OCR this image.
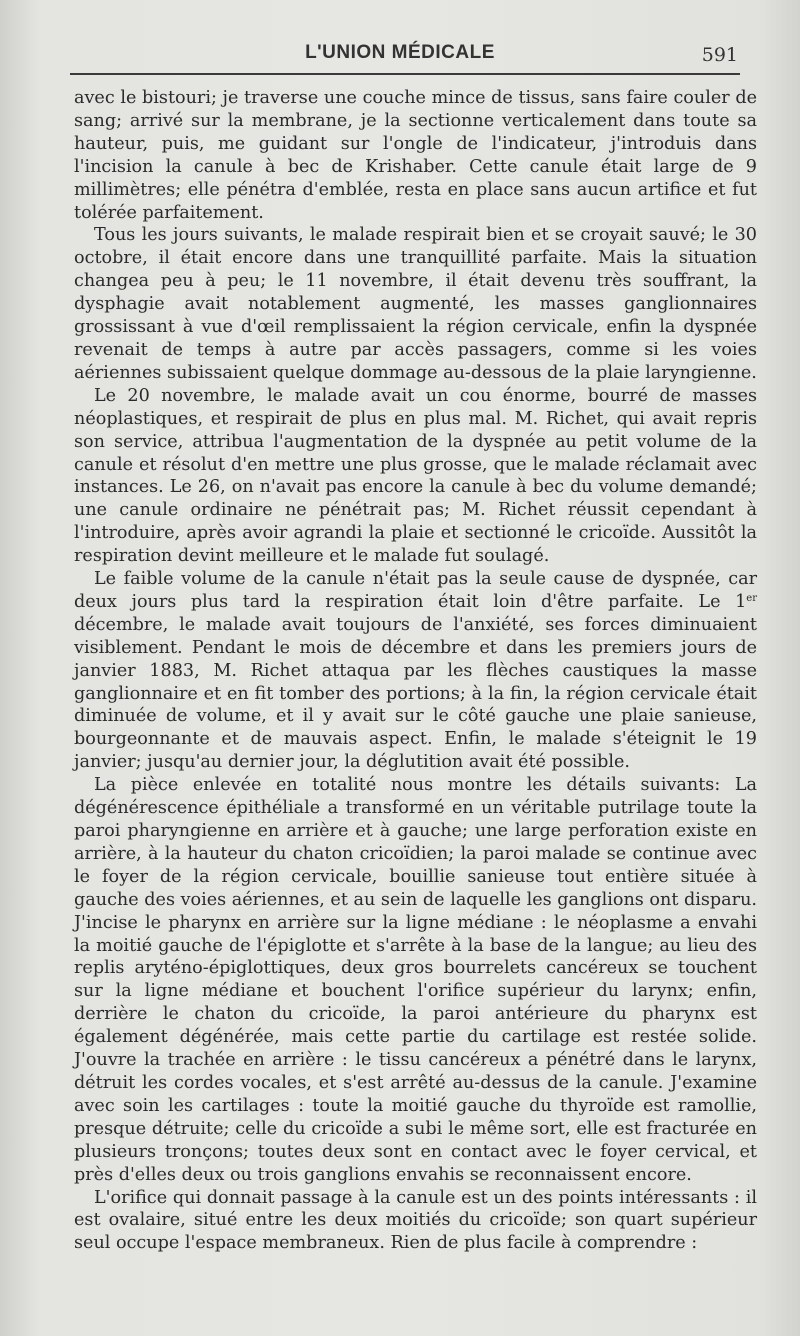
L'UNION MÉDICALE	591

avec le bistouri; je traverse une couche mince de tissus, sans faire couler de sang; arrivé sur la membrane, je la sectionne verticalement dans toute sa hauteur, puis, me guidant sur l'ongle de l'indicateur, j'introduis dans l'incision la canule à bec de Krishaber. Cette canule était large de 9 millimètres; elle pénétra d'emblée, resta en place sans aucun artifice et fut tolérée parfaitement.

Tous les jours suivants, le malade respirait bien et se croyait sauvé; le 30 octobre, il était encore dans une tranquillité parfaite. Mais la situation changea peu à peu; le 11 novembre, il était devenu très souffrant, la dysphagie avait notablement augmenté, les masses ganglionnaires grossissant à vue d'œil remplissaient la région cervicale, enfin la dyspnée revenait de temps à autre par accès passagers, comme si les voies aériennes subissaient quelque dommage au-dessous de la plaie laryngienne.

Le 20 novembre, le malade avait un cou énorme, bourré de masses néoplastiques, et respirait de plus en plus mal. M. Richet, qui avait repris son service, attribua l'augmentation de la dyspnée au petit volume de la canule et résolut d'en mettre une plus grosse, que le malade réclamait avec instances. Le 26, on n'avait pas encore la canule à bec du volume demandé; une canule ordinaire ne pénétrait pas; M. Richet réussit cependant à l'introduire, après avoir agrandi la plaie et sectionné le cricoïde. Aussitôt la respiration devint meilleure et le malade fut soulagé.

Le faible volume de la canule n'était pas la seule cause de dyspnée, car deux jours plus tard la respiration était loin d'être parfaite. Le 1er décembre, le malade avait toujours de l'anxiété, ses forces diminuaient visiblement. Pendant le mois de décembre et dans les premiers jours de janvier 1883, M. Richet attaqua par les flèches caustiques la masse ganglionnaire et en fit tomber des portions; à la fin, la région cervicale était diminuée de volume, et il y avait sur le côté gauche une plaie sanieuse, bourgeonnante et de mauvais aspect. Enfin, le malade s'éteignit le 19 janvier; jusqu'au dernier jour, la déglutition avait été possible.

La pièce enlevée en totalité nous montre les détails suivants: La dégénérescence épithéliale a transformé en un véritable putrilage toute la paroi pharyngienne en arrière et à gauche; une large perforation existe en arrière, à la hauteur du chaton cricoïdien; la paroi malade se continue avec le foyer de la région cervicale, bouillie sanieuse tout entière située à gauche des voies aériennes, et au sein de laquelle les ganglions ont disparu. J'incise le pharynx en arrière sur la ligne médiane : le néoplasme a envahi la moitié gauche de l'épiglotte et s'arrête à la base de la langue; au lieu des replis aryténo-épiglottiques, deux gros bourrelets cancéreux se touchent sur la ligne médiane et bouchent l'orifice supérieur du larynx; enfin, derrière le chaton du cricoïde, la paroi antérieure du pharynx est également dégénérée, mais cette partie du cartilage est restée solide. J'ouvre la trachée en arrière : le tissu cancéreux a pénétré dans le larynx, détruit les cordes vocales, et s'est arrêté au-dessus de la canule. J'examine avec soin les cartilages : toute la moitié gauche du thyroïde est ramollie, presque détruite; celle du cricoïde a subi le même sort, elle est fracturée en plusieurs tronçons; toutes deux sont en contact avec le foyer cervical, et près d'elles deux ou trois ganglions envahis se reconnaissent encore.

L'orifice qui donnait passage à la canule est un des points intéressants : il est ovalaire, situé entre les deux moitiés du cricoïde; son quart supérieur seul occupe l'espace membraneux. Rien de plus facile à comprendre :
